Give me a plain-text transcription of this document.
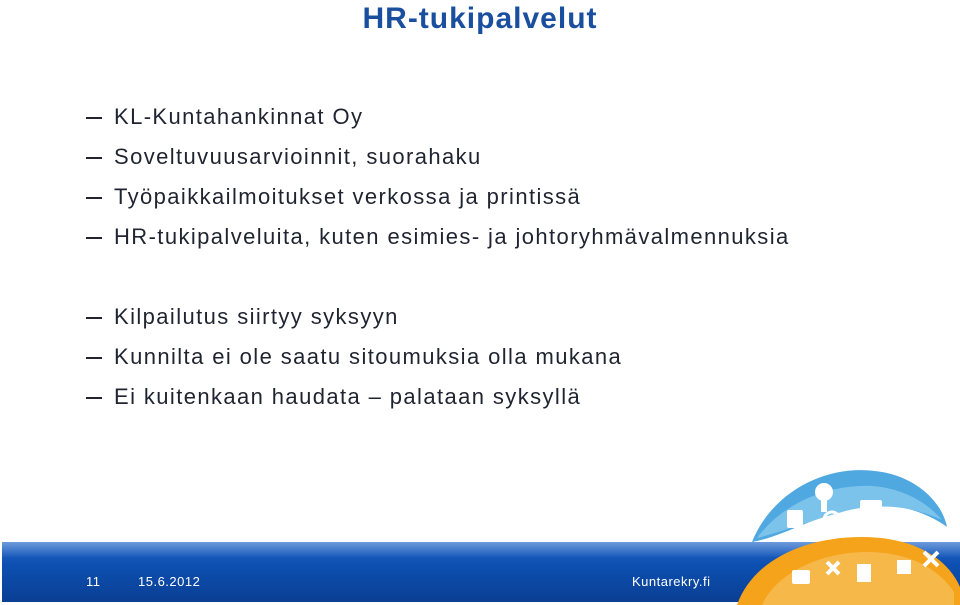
HR-tukipalvelut
KL-Kuntahankinnat Oy
Soveltuvuusarvioinnit, suorahaku
Työpaikkailmoitukset verkossa ja printissä
HR-tukipalveluita, kuten esimies- ja johtoryhmävalmennuksia
Kilpailutus siirtyy syksyyn
Kunnilta ei ole saatu sitoumuksia olla mukana
Ei kuitenkaan haudata – palataan syksyllä
11	15.6.2012	Kuntarekry.fi
